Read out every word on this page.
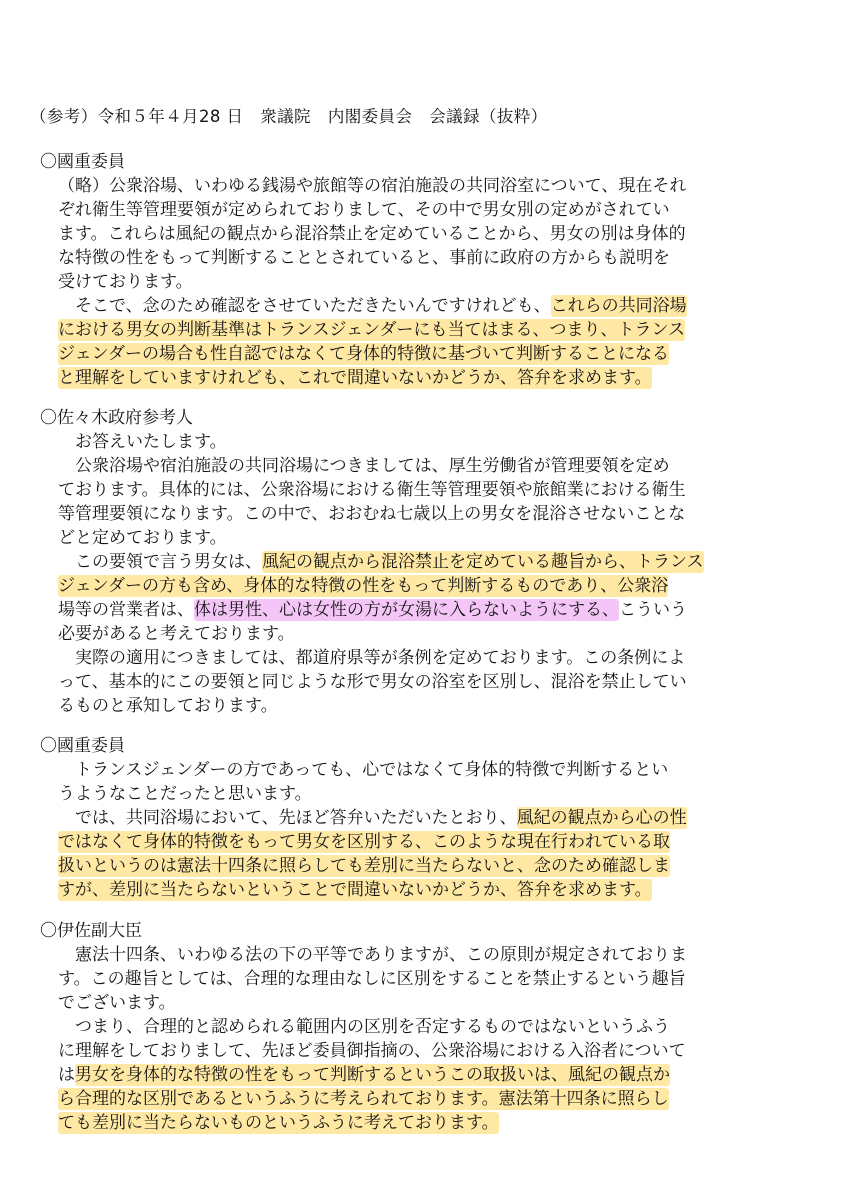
（参考）令和５年４月28 日　衆議院　内閣委員会　会議録（抜粋）
〇國重委員
（略）公衆浴場、いわゆる銭湯や旅館等の宿泊施設の共同浴室について、現在それ
ぞれ衛生等管理要領が定められておりまして、その中で男女別の定めがされてい
ます。これらは風紀の観点から混浴禁止を定めていることから、男女の別は身体的
な特徴の性をもって判断することとされていると、事前に政府の方からも説明を
受けております。
　そこで、念のため確認をさせていただきたいんですけれども、これらの共同浴場
における男女の判断基準はトランスジェンダーにも当てはまる、つまり、トランス
ジェンダーの場合も性自認ではなくて身体的特徴に基づいて判断することになる
と理解をしていますけれども、これで間違いないかどうか、答弁を求めます。
〇佐々木政府参考人
　お答えいたします。
　公衆浴場や宿泊施設の共同浴場につきましては、厚生労働省が管理要領を定め
ております。具体的には、公衆浴場における衛生等管理要領や旅館業における衛生
等管理要領になります。この中で、おおむね七歳以上の男女を混浴させないことな
どと定めております。
　この要領で言う男女は、風紀の観点から混浴禁止を定めている趣旨から、トランス
ジェンダーの方も含め、身体的な特徴の性をもって判断するものであり、公衆浴
場等の営業者は、体は男性、心は女性の方が女湯に入らないようにする、こういう
必要があると考えております。
　実際の適用につきましては、都道府県等が条例を定めております。この条例によ
って、基本的にこの要領と同じような形で男女の浴室を区別し、混浴を禁止してい
るものと承知しております。
〇國重委員
　トランスジェンダーの方であっても、心ではなくて身体的特徴で判断するとい
うようなことだったと思います。
　では、共同浴場において、先ほど答弁いただいたとおり、風紀の観点から心の性
ではなくて身体的特徴をもって男女を区別する、このような現在行われている取
扱いというのは憲法十四条に照らしても差別に当たらないと、念のため確認しま
すが、差別に当たらないということで間違いないかどうか、答弁を求めます。
〇伊佐副大臣
　憲法十四条、いわゆる法の下の平等でありますが、この原則が規定されておりま
す。この趣旨としては、合理的な理由なしに区別をすることを禁止するという趣旨
でございます。
　つまり、合理的と認められる範囲内の区別を否定するものではないというふう
に理解をしておりまして、先ほど委員御指摘の、公衆浴場における入浴者について
は男女を身体的な特徴の性をもって判断するというこの取扱いは、風紀の観点か
ら合理的な区別であるというふうに考えられております。憲法第十四条に照らし
ても差別に当たらないものというふうに考えております。
